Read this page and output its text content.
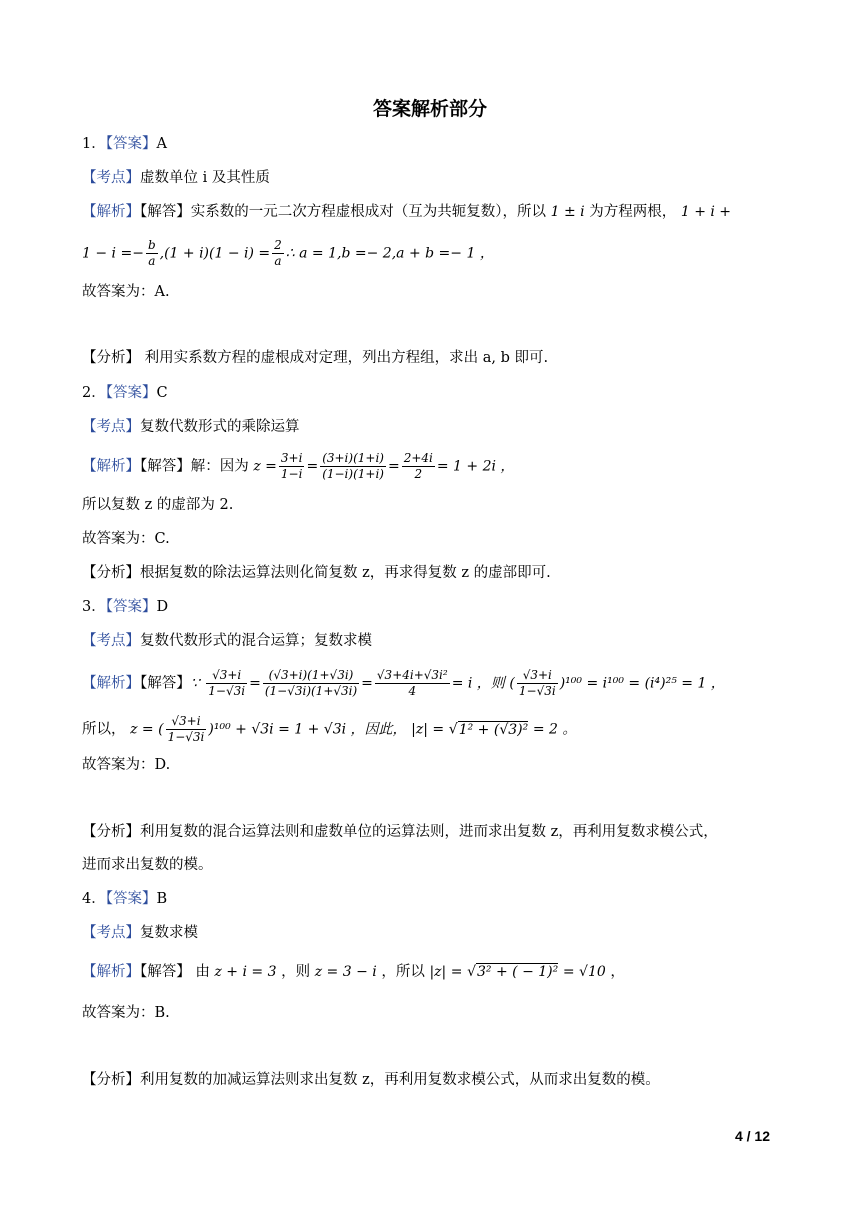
答案解析部分
1．【答案】A
【考点】虚数单位 i 及其性质
【解析】【解答】实系数的一元二次方程虚根成对（互为共轭复数），所以 1 ± i 为方程两根， 1 + i +
$1 - i =- \frac{b}{a} ,(1 + i)(1 - i) = \frac{2}{a}$ ∴ a = 1,b =− 2,a + b =− 1 ，
故答案为：A.
【分析】 利用实系数方程的虚根成对定理，列出方程组，求出 a, b 即可.
2．【答案】C
【考点】复数代数形式的乘除运算
【解析】【解答】解：因为 $z = \frac{3+i}{1-i} = \frac{(3+i)(1+i)}{(1-i)(1+i)} = \frac{2+4i}{2} = 1 + 2i$ ，
所以复数 z 的虚部为 2.
故答案为：C.
【分析】根据复数的除法运算法则化简复数 z，再求得复数 z 的虚部即可.
3．【答案】D
【考点】复数代数形式的混合运算；复数求模
【解析】【解答】∵ $\frac{√3+i}{1-√3i} = \frac{(√3+i)(1+√3i)}{(1-√3i)(1+√3i)} = \frac{\text{√3+4i+√3i²}}{4} = i$ ，则 ( $\frac{√3+i}{1-√3i} )^{100} = i^{100} = (i^4)^{25} = 1$ ，
所以， z = ( $\frac{√3+i}{1-√3i} )^{100} + √3i = 1 + √3i$ ，因此， |z| = √1² + (√3)² = 2 。
故答案为：D.
【分析】利用复数的混合运算法则和虚数单位的运算法则，进而求出复数 z，再利用复数求模公式，
进而求出复数的模。
4．【答案】B
【考点】复数求模
【解析】【解答】 由 z + i = 3 ，则 z = 3 − i ，所以 |z| = √3² + ( − 1)² = √10 ，
故答案为：B.
【分析】利用复数的加减运算法则求出复数 z，再利用复数求模公式，从而求出复数的模。
4 / 12
